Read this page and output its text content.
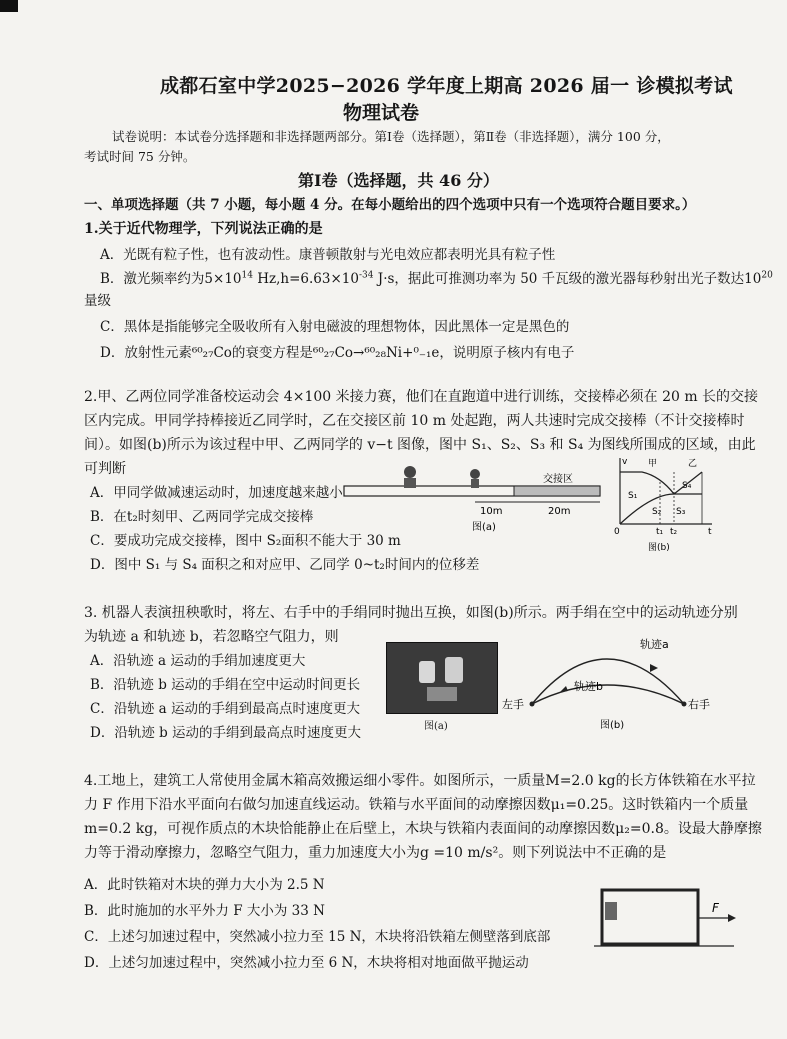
成都石室中学2025−2026 学年度上期高 2026 届一 诊模拟考试
物理试卷
试卷说明：本试卷分选择题和非选择题两部分。第Ⅰ卷（选择题），第Ⅱ卷（非选择题），满分 100 分，
考试时间 75 分钟。
第Ⅰ卷（选择题，共 46 分）
一、单项选择题（共 7 小题，每小题 4 分。在每小题给出的四个选项中只有一个选项符合题目要求。）
1.关于近代物理学，下列说法正确的是
A．光既有粒子性，也有波动性。康普顿散射与光电效应都表明光具有粒子性
B．激光频率约为$5\times 10^{14}$ $Hz,h=6.63\times 10^{-34}$ J·s，据此可推测功率为 50 千瓦级的激光器每秒射出光子数达$10^{20}$
量级
C．黑体是指能够完全吸收所有入射电磁波的理想物体，因此黑体一定是黑色的
D．放射性元素⁶⁰₂₇Co的衰变方程是⁶⁰₂₇Co→⁶⁰₂₈Ni+⁰₋₁e，说明原子核内有电子
2.甲、乙两位同学准备校运动会 4×100 米接力赛，他们在直跑道中进行训练，交接棒必须在 20 m 长的交接
区内完成。甲同学持棒接近乙同学时，乙在交接区前 10 m 处起跑，两人共速时完成交接棒（不计交接棒时
间）。如图(b)所示为该过程中甲、乙两同学的 v−t 图像，图中 S₁、S₂、S₃ 和 S₄ 为图线所围成的区域，由此
可判断
A．甲同学做减速运动时，加速度越来越小
B．在t₂时刻甲、乙两同学完成交接棒
C．要成功完成交接棒，图中 S₂面积不能大于 30 m
D．图中 S₁ 与 S₄ 面积之和对应甲、乙同学 0~t₂时间内的位移差
交接区
10m	20m
图(a)
v
t
甲	乙
S₁
S₂ S₃
S₄
0	t₁ t₂
图(b)
3. 机器人表演扭秧歌时，将左、右手中的手绢同时抛出互换，如图(b)所示。两手绢在空中的运动轨迹分别
为轨迹 a 和轨迹 b，若忽略空气阻力，则
A．沿轨迹 a 运动的手绢加速度更大
B．沿轨迹 b 运动的手绢在空中运动时间更长
C．沿轨迹 a 运动的手绢到最高点时速度更大
D．沿轨迹 b 运动的手绢到最高点时速度更大	图(a)
轨迹a
轨迹b
左手	右手
图(b)
4.工地上，建筑工人常使用金属木箱高效搬运细小零件。如图所示，一质量M=2.0 kg的长方体铁箱在水平拉
力 F 作用下沿水平面向右做匀加速直线运动。铁箱与水平面间的动摩擦因数μ₁=0.25。这时铁箱内一个质量
m=0.2 kg，可视作质点的木块恰能静止在后壁上，木块与铁箱内表面间的动摩擦因数μ₂=0.8。设最大静摩擦
力等于滑动摩擦力，忽略空气阻力，重力加速度大小为g =10 m/s²。则下列说法中不正确的是
A．此时铁箱对木块的弹力大小为 2.5 N
B．此时施加的水平外力 F 大小为 33 N
C．上述匀加速过程中，突然减小拉力至 15 N，木块将沿铁箱左侧壁落到底部
D．上述匀加速过程中，突然减小拉力至 6 N，木块将相对地面做平抛运动
F
